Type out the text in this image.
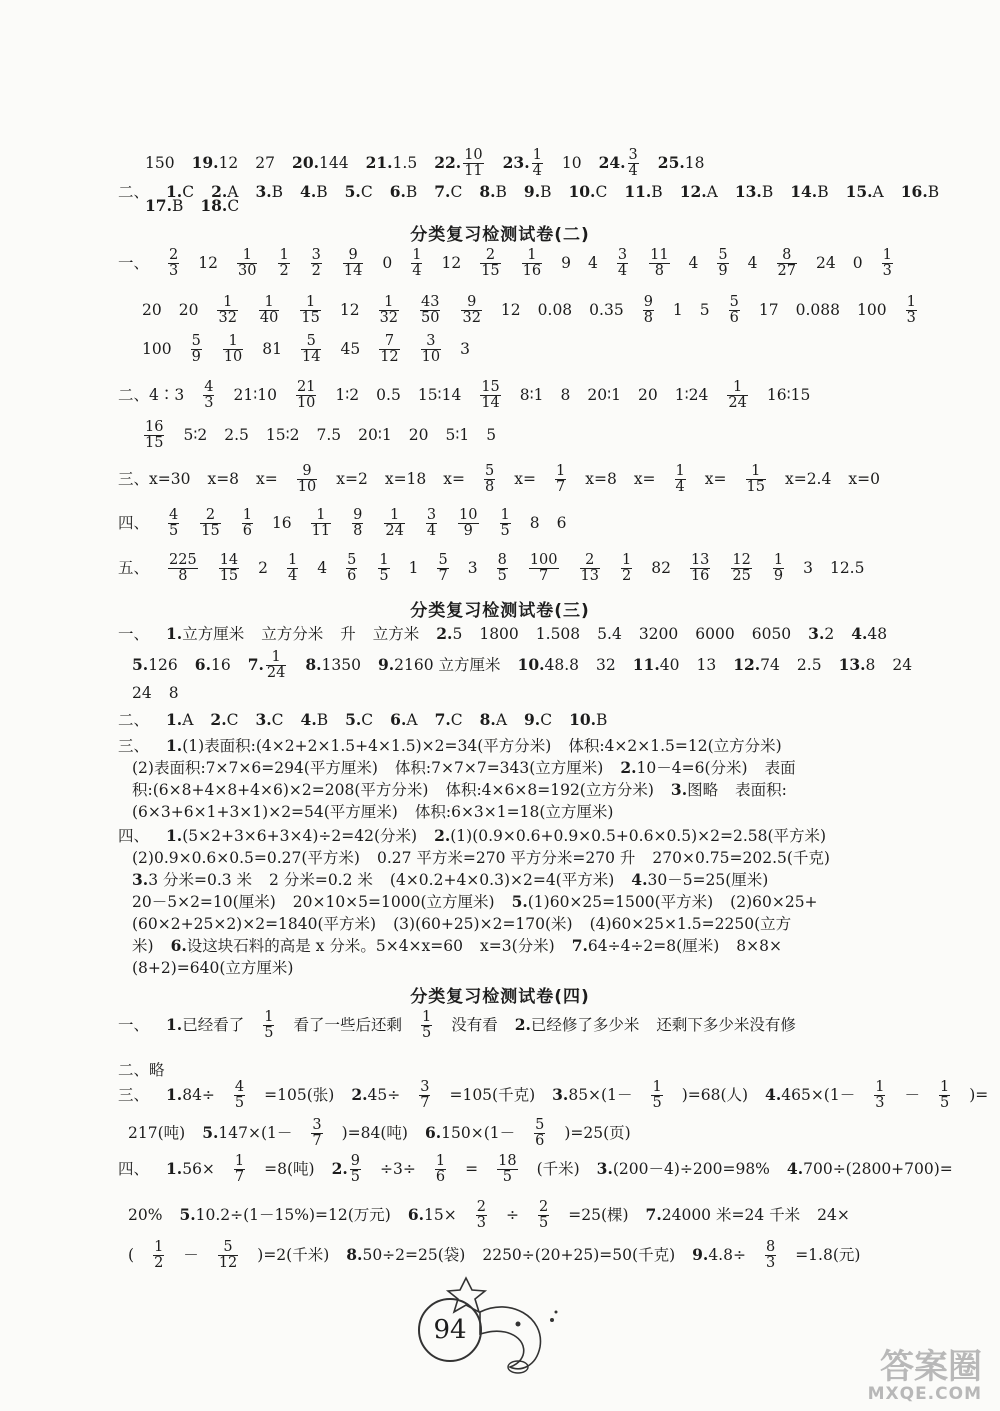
分类复习检测试卷(二)
分类复习检测试卷(三)
分类复习检测试卷(四)
150 19.12 27 20.144 21.1.5 22. $\frac{10}{11} 23$. $\frac{1}{4} 10$ 24. $\frac{3}{4} 25.18$
二、 1.C 2.A 3.B 4.B 5.C 6.B 7.C 8.B 9.B 10.C 11.B 12.A 13.B 14.B 15.A 16.B
17.B 18.C
一、 $\frac{2}{3} 12 \frac{1}{30} \frac{1}{2} \frac{3}{2} \frac{9}{14} 0 \frac{1}{4} 12 \frac{2}{15} \frac{1}{16} 9$ $4 \frac{3}{4} \frac{11}{8} 4 \frac{5}{9} 4 \frac{8}{27} 24$ $0 \frac{1}{3}$
20 $20 \frac{1}{32} \frac{1}{40} \frac{1}{15} 12 \frac{1}{32} \frac{43}{50} \frac{9}{32} 12$ 0.08 $0.35 \frac{9}{8} 1$ $5 \frac{5}{6} 17$ 0.088 $100 \frac{1}{3}$
$100 \frac{5}{9} \frac{1}{10} 81 \frac{5}{14} 45 \frac{7}{12} \frac{3}{10} 3$
二、4∶3 $\frac{4}{3}$ 21∶10 $\frac{21}{10}$ 1∶2 0.5 15∶14 $\frac{15}{14}$ 8∶1 8 20∶1 20 1∶24 $\frac{1}{24}$ 16∶15
$\frac{16}{15}$ 5∶2 2.5 15∶2 7.5 20∶1 20 5∶1 5
三、x=30 x=8 $x= \frac{9}{10} x=2$ x=18 $x= \frac{5}{8} x= \frac{1}{7} x=8$ $x= \frac{1}{4} x= \frac{1}{15} x=2.4$ x=0
四、 $\frac{4}{5} \frac{2}{15} \frac{1}{6} 16 \frac{1}{11} \frac{9}{8} \frac{1}{24} \frac{3}{4} \frac{10}{9} \frac{1}{5} 8$ 6
五、 $\frac{225}{8} \frac{14}{15} 2 \frac{1}{4} 4 \frac{5}{6} \frac{1}{5} 1 \frac{5}{7} 3 \frac{8}{5} \frac{100}{7} \frac{2}{13} \frac{1}{2} 82 \frac{13}{16} \frac{12}{25} \frac{1}{9} 3$ 12.5
一、 1.立方厘米 立方分米 升 立方米 2.5 1800 1.508 5.4 3200 6000 6050 3.2 4.48
5.126 6.16 7. $\frac{1}{24} 8.1350$ 9.2160 立方厘米 10.48.8 32 11.40 13 12.74 2.5 13.8 24
24 8
二、 1.A 2.C 3.C 4.B 5.C 6.A 7.C 8.A 9.C 10.B
三、 1.(1)表面积:(4×2+2×1.5+4×1.5)×2=34(平方分米) 体积:4×2×1.5=12(立方分米)
(2)表面积:7×7×6=294(平方厘米) 体积:7×7×7=343(立方厘米) 2.10－4=6(分米) 表面
积:(6×8+4×8+4×6)×2=208(平方分米) 体积:4×6×8=192(立方分米) 3.图略 表面积:
(6×3+6×1+3×1)×2=54(平方厘米) 体积:6×3×1=18(立方厘米)
四、 1.(5×2+3×6+3×4)÷2=42(分米) 2.(1)(0.9×0.6+0.9×0.5+0.6×0.5)×2=2.58(平方米)
(2)0.9×0.6×0.5=0.27(平方米) 0.27 平方米=270 平方分米=270 升 270×0.75=202.5(千克)
3.3 分米=0.3 米 2 分米=0.2 米 (4×0.2+4×0.3)×2=4(平方米) 4.30－5=25(厘米)
20－5×2=10(厘米) 20×10×5=1000(立方厘米) 5.(1)60×25=1500(平方米) (2)60×25+
(60×2+25×2)×2=1840(平方米) (3)(60+25)×2=170(米) (4)60×25×1.5=2250(立方
米) 6.设这块石料的高是 x 分米。5×4×x=60 x=3(分米) 7.64÷4÷2=8(厘米) 8×8×
(8+2)=640(立方厘米)
一、 1.已经看了 $\frac{1}{5}$ 看了一些后还剩 $\frac{1}{5}$ 没有看 2.已经修了多少米 还剩下多少米没有修
二、略
三、 $1.84\div \frac{4}{5} =105$(张) $2.45\div \frac{3}{7} =105$(千克) $3.85\times(1- \frac{1}{5} )=68$(人) $4.465\times(1- \frac{1}{3} - \frac{1}{5}$ )=
217(吨) $5.147\times(1- \frac{3}{7} )=84$(吨) $6.150\times(1- \frac{5}{6} )=25$(页)
四、 $1.56\times \frac{1}{7} =8$(吨) 2. $\frac{9}{5} \div 3\div \frac{1}{6} = \frac{18}{5}$ (千米) 3.(200－4)÷200=98% 4.700÷(2800+700)=
20% 5.10.2÷(1－15%)=12(万元) $6.15\times \frac{2}{3} \div \frac{2}{5} =25$(棵) 7.24000 米=24 千米 24×
( $\frac{1}{2} - \frac{5}{12} )=2$(千米) 8.50÷2=25(袋) 2250÷(20+25)=50(千克) $9.4.8\div \frac{8}{3} =1.8$(元)
94
答案圈
MXQE.COM
